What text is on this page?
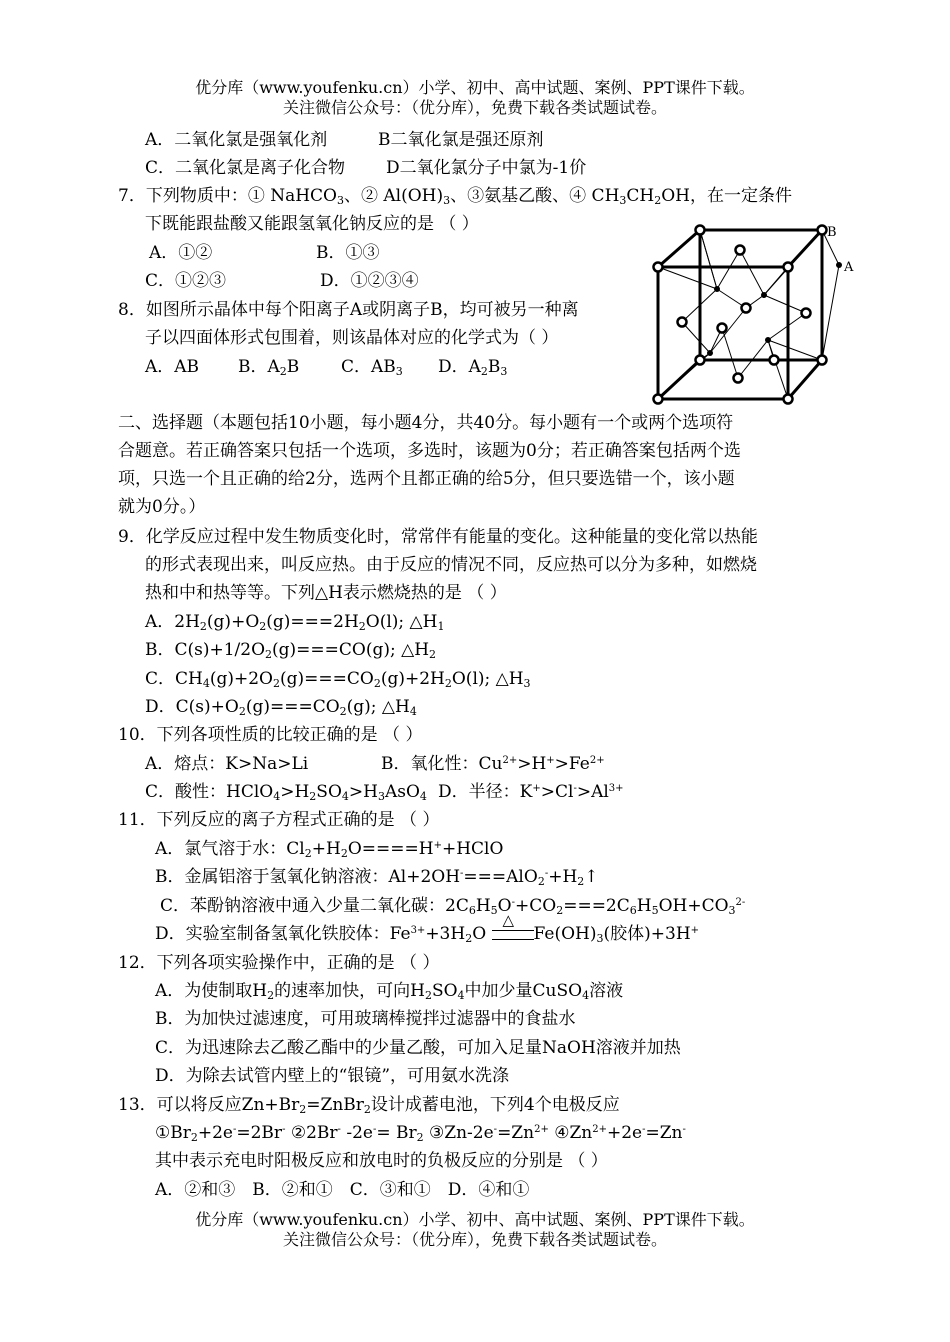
优分库（www.youfenku.cn）小学、初中、高中试题、案例、PPT课件下载。
关注微信公众号：（优分库），免费下载各类试题试卷。
A．二氧化氯是强氧化剂	B二氧化氯是强还原剂
C．二氧化氯是离子化合物 D二氧化氯分子中氯为-1价
7．下列物质中：① NaHCO$_3$、② $Al(OH)_3$、③氨基乙酸、④ $CH_3CH_2OH$，在一定条件
下既能跟盐酸又能跟氢氧化钠反应的是 （ ）
A．①②	B．①③
C．①②③	D．①②③④
8．如图所示晶体中每个阳离子A或阴离子B，均可被另一种离
子以四面体形式包围着，则该晶体对应的化学式为（ ）
A．AB B．$A_2B$ C．$AB_3$ D．$A_2B_3$
B
A
二、选择题（本题包括10小题，每小题4分，共40分。每小题有一个或两个选项符
合题意。若正确答案只包括一个选项，多选时，该题为0分；若正确答案包括两个选
项，只选一个且正确的给2分，选两个且都正确的给5分，但只要选错一个，该小题
就为0分。）
9．化学反应过程中发生物质变化时，常常伴有能量的变化。这种能量的变化常以热能
的形式表现出来，叫反应热。由于反应的情况不同，反应热可以分为多种，如燃烧
热和中和热等等。下列△H表示燃烧热的是 （ ）
A．$2H_2(g)+O_2(g)===2H_2O(l)$; $\triangle H_1$
B．$C(s)+1/2O_2(g)===CO(g)$; $\triangle H_2$
C．$CH_4(g)+2O_2(g)===CO_2(g)+2H_2O(l)$; $\triangle H_3$
D．$C(s)+O_2(g)===CO_2(g)$; $\triangle H_4$
10．下列各项性质的比较正确的是 （ ）
A．熔点：K>Na>Li	B．氧化性：$Cu^{2+}>H^+>Fe^{2+}$
C．酸性：$HClO_4>H_2SO_4>H_3AsO_4$ D．半径：$K^+>Cl^->Al^{3+}$
11．下列反应的离子方程式正确的是 （ ）
A．氯气溶于水：$Cl_2+H_2O====H^++HClO$
B．金属铝溶于氢氧化钠溶液：$Al+2OH^-===AlO_2^-+H_2↑$
C．苯酚钠溶液中通入少量二氧化碳：$2C_6H_5O^-+CO_2===2C_6H_5OH+CO_3^{2-}$
D．实验室制备氢氧化铁胶体：$Fe^{3+}+3H_2O$
△
$Fe(OH)_3$(胶体)+3H+
12．下列各项实验操作中，正确的是 （ ）
A．为使制取$H_2$的速率加快，可向$H_2SO_4$中加少量CuSO$_4$溶液
B．为加快过滤速度，可用玻璃棒搅拌过滤器中的食盐水
C．为迅速除去乙酸乙酯中的少量乙酸，可加入足量NaOH溶液并加热
D．为除去试管内壁上的“银镜”，可用氨水洗涤
13．可以将反应$Zn+Br_2=ZnBr_2$设计成蓄电池，下列4个电极反应
$①Br_2+2e^-=2Br^-$ ②2Br- $-2e^-= Br_2$ ③Zn-$2e^-=Zn^{2+}$ $④Zn^{2+}+2e^-=Zn^-$
其中表示充电时阳极反应和放电时的负极反应的分别是 （ ）
A．②和③　B．②和①　C．③和①　D．④和①
优分库（www.youfenku.cn）小学、初中、高中试题、案例、PPT课件下载。
关注微信公众号：（优分库），免费下载各类试题试卷。
